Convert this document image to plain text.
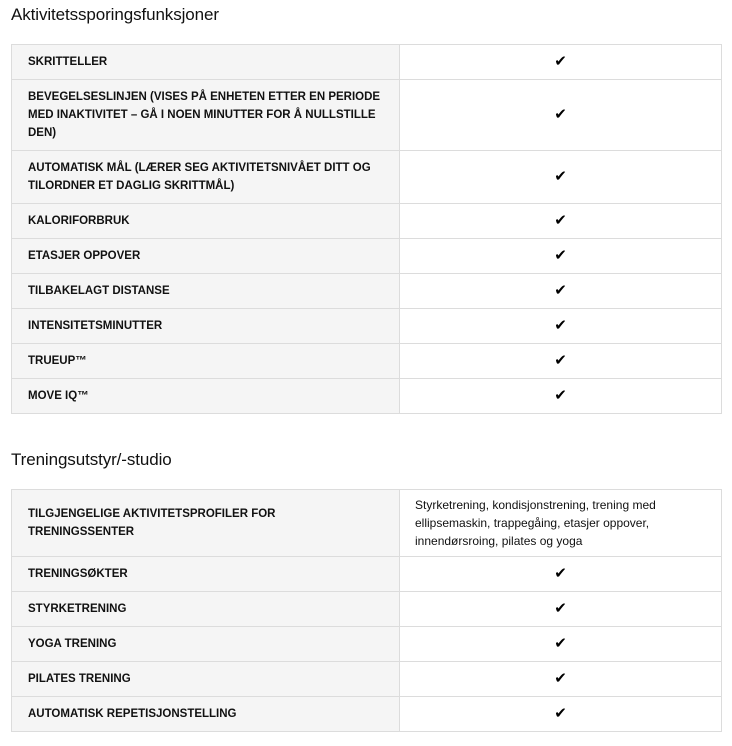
Aktivitetssporingsfunksjoner
SKRITTELLER	✔
BEVEGELSESLINJEN (VISES PÅ ENHETEN ETTER EN PERIODE MED INAKTIVITET – GÅ I NOEN MINUTTER FOR Å NULLSTILLE DEN)	✔
AUTOMATISK MÅL (LÆRER SEG AKTIVITETSNIVÅET DITT OG TILORDNER ET DAGLIG SKRITTMÅL)	✔
KALORIFORBRUK	✔
ETASJER OPPOVER	✔
TILBAKELAGT DISTANSE	✔
INTENSITETSMINUTTER	✔
TRUEUP™	✔
MOVE IQ™	✔
Treningsutstyr/-studio
TILGJENGELIGE AKTIVITETSPROFILER FOR TRENINGSSENTER	Styrketrening, kondisjonstrening, trening med ellipsemaskin, trappegåing, etasjer oppover, innendørsroing, pilates og yoga
TRENINGSØKTER	✔
STYRKETRENING	✔
YOGA TRENING	✔
PILATES TRENING	✔
AUTOMATISK REPETISJONSTELLING	✔
